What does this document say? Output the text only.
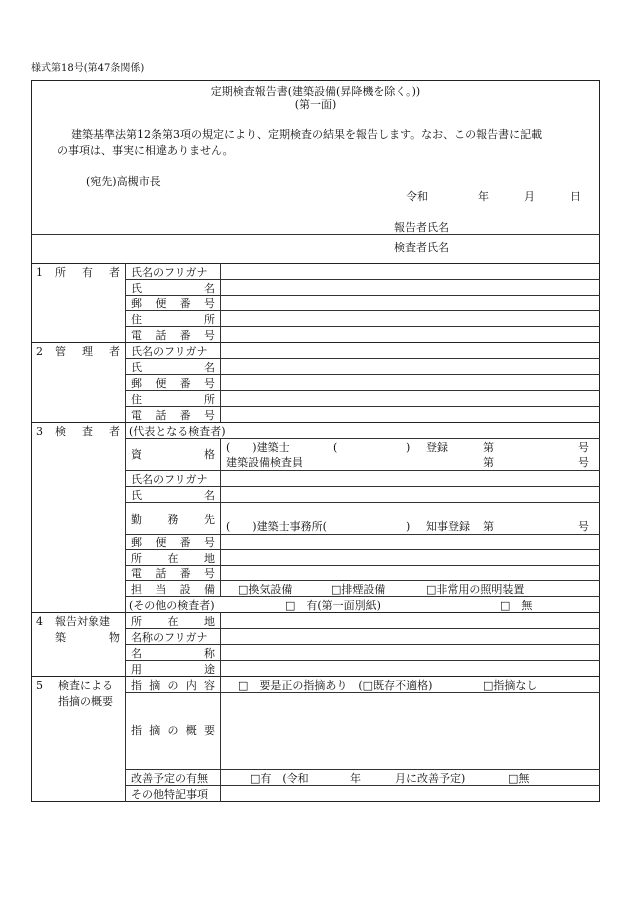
様式第18号(第47条関係)
定期検査報告書(建築設備(昇降機を除く。))
(第一面)
建築基準法第12条第3項の規定により、定期検査の結果を報告します。なお、この報告書に記載
の事項は、事実に相違ありません。
(宛先)高槻市長
令和	年	月	日
報告者氏名
検査者氏名
1 所 有 者 氏名のフリガナ
氏	名
郵 便 番 号
住	所
電 話 番 号
2 管 理 者 氏名のフリガナ
氏	名
郵 便 番 号
住	所
電 話 番 号
3 検 査 者 (代表となる検査者)
資	格
(　　)建築士	(	) 登録	第	号
建築設備検査員	第	号
氏名のフリガナ
氏	名
勤 務 先
(　　)建築士事務所(	) 知事登録 第	号
郵 便 番 号
所 在 地
電 話 番 号
担 当 設 備 □換気設備	□排煙設備	□非常用の照明装置
(その他の検査者)	□　有(第一面別紙)	□　無
4 報告対象建
築	物
所 在 地
名称のフリガナ
名	称
用	途
5 検査による
指摘の概要
指 摘 の 内 容 □　要是正の指摘あり　(□既存不適格)	□指摘なし
指 摘 の 概 要
改善予定の有無	□有　(令和	年	月に改善予定)	□無
その他特記事項
